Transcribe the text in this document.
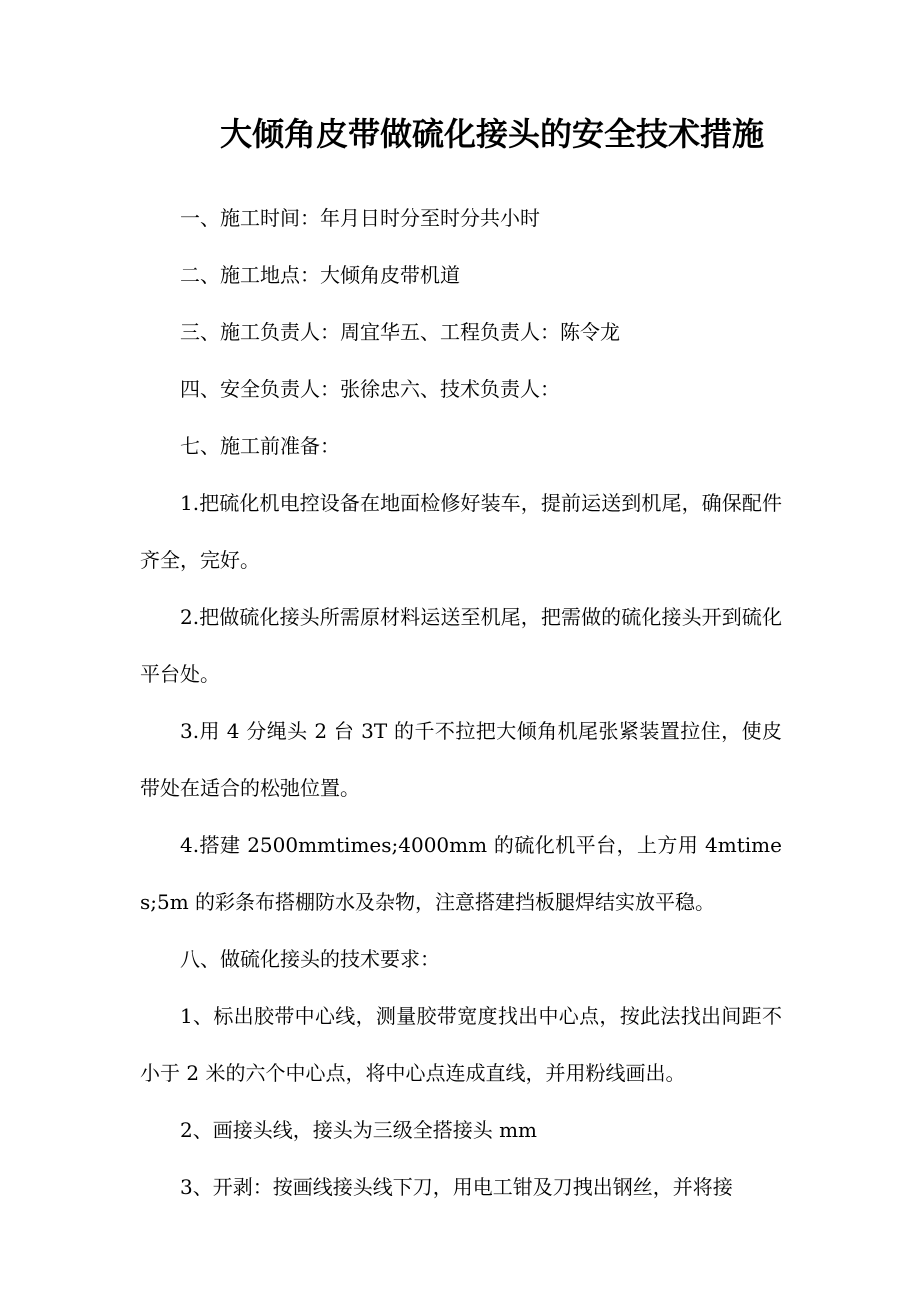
大倾角皮带做硫化接头的安全技术措施

一、施工时间：年月日时分至时分共小时

二、施工地点：大倾角皮带机道

三、施工负责人：周宜华五、工程负责人：陈令龙

四、安全负责人：张徐忠六、技术负责人：

七、施工前准备：

1.把硫化机电控设备在地面检修好装车，提前运送到机尾，确保配件齐全，完好。

2.把做硫化接头所需原材料运送至机尾，把需做的硫化接头开到硫化平台处。

3.用 4 分绳头 2 台 3T 的千不拉把大倾角机尾张紧装置拉住，使皮带处在适合的松弛位置。

4.搭建 2500mmtimes;4000mm 的硫化机平台，上方用 4mtimes;5m 的彩条布搭棚防水及杂物，注意搭建挡板腿焊结实放平稳。

八、做硫化接头的技术要求：

1、标出胶带中心线，测量胶带宽度找出中心点，按此法找出间距不小于 2 米的六个中心点，将中心点连成直线，并用粉线画出。

2、画接头线，接头为三级全搭接头 mm

3、开剥：按画线接头线下刀，用电工钳及刀拽出钢丝，并将接
